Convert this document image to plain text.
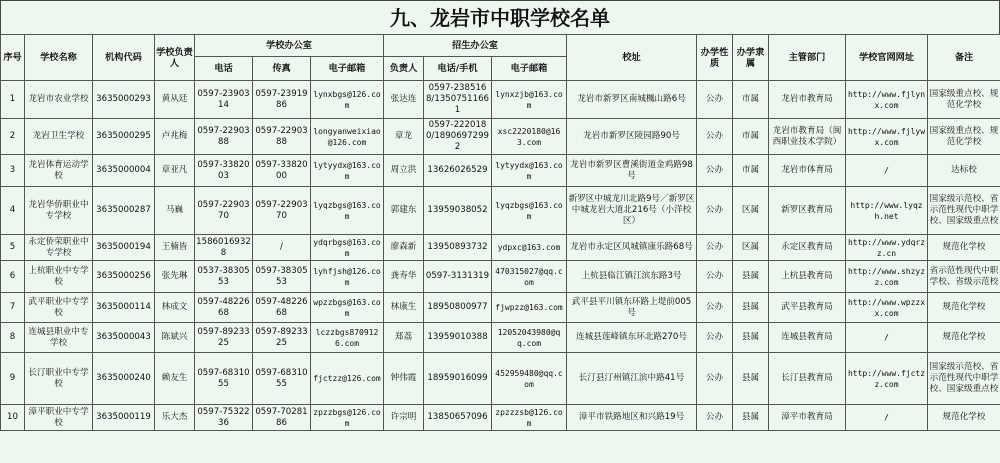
九、龙岩市中职学校名单
序号	学校名称	机构代码	学校负责人	学校办公室			招生办公室			校址	办学性质	办学隶属	主管部门	学校官网网址	备注
				电话	传真	电子邮箱	负责人	电话/手机	电子邮箱						
1	龙岩市农业学校	3635000293	黄从廷	0597-2390314	0597-2391986	lynxbgs@126.com	张达连	0597-2385168/13507511661	lynxzjb@163.com	龙岩市新罗区南城楓山路6号	公办	市属	龙岩市教育局	http://www.fjlynx.com	国家级重点校、规范化学校
2	龙岩卫生学校	3635000295	卢兆梅	0597-2290388	0597-2290388	longyanweixiao@126.com	章龙	0597-2220180/18906972992	xsc2220180@163.com	龙岩市新罗区陵园路90号	公办	市属	龙岩市教育局（闽西职业技术学院）	http://www.fjlywx.com	国家级重点校、规范化学校
3	龙岩体育运动学校	3635000004	章亚凡	0597-3382003	0597-3382000	lytyydx@163.com	周立洪	13626026529	lytyydx@163.com	龙岩市新罗区曹溪街道金鸡路98号	公办	市属	龙岩市体育局	/	达标校
4	龙岩华侨职业中专学校	3635000287	马巍	0597-2290370	0597-2290370	lyqzbgs@163.com	郭建东	13959038052	lyqzbgs@163.com	新罗区中城龙川北路9号／新罗区中城龙岩大道北216号（小洋校区）	公办	区属	新罗区教育局	http://www.lyqzh.net	国家级示范校、省示范性现代中职学校、国家级重点校
5	永定侨荣职业中专学校	3635000194	王楠皆	15860169328	/	ydqrbgs@163.com	廖森新	13950893732	ydpxc@163.com	龙岩市永定区凤城镇康乐路68号	公办	区属	永定区教育局	http://www.ydqrzz.cn	规范化学校
6	上杭职业中专学校	3635000256	张先琳	0537-3830553	0597-3830553	lyhfjsh@126.com	龚寿华	0597-3131319	470315027@qq.com	上杭县临江镇江滨东路3号	公办	县属	上杭县教育局	http://www.shzyzz.com	省示范性现代中职学校、省级示范校
7	武平职业中专学校	3635000114	林成文	0597-4822668	0597-4822668	wpzzbgs@163.com	林康生	18950800977	fjwpzz@163.com	武平县平川镇东环路上堤前005号	公办	县属	武平县教育局	http://www.wpzzxx.com	规范化学校
8	连城县职业中专学校	3635000043	陈斌兴	0597-8923325	0597-8923325	lczzbgs8709126.com	郑荔	13959010388	12052043980@qq.com	连城县莲峰镇东环北路270号	公办	县属	连城县教育局	/	规范化学校
9	长汀职业中专学校	3635000240	赖友生	0597-6831055	0597-6831055	fjctzz@126.com	钟伟霞	18959016099	452959480@qq.com	长汀县汀州镇江滨中路41号	公办	县属	长汀县教育局	http://www.fjctzz.com	国家级示范校、省示范性现代中职学校、国家级重点校
10	漳平职业中专学校	3635000119	乐大杰	0597-7532236	0597-7028186	zpzzbgs@126.com	许宗明	13850657096	zpzzzsb@126.com	漳平市铁路地区和兴路19号	公办	县属	漳平市教育局	/	规范化学校
